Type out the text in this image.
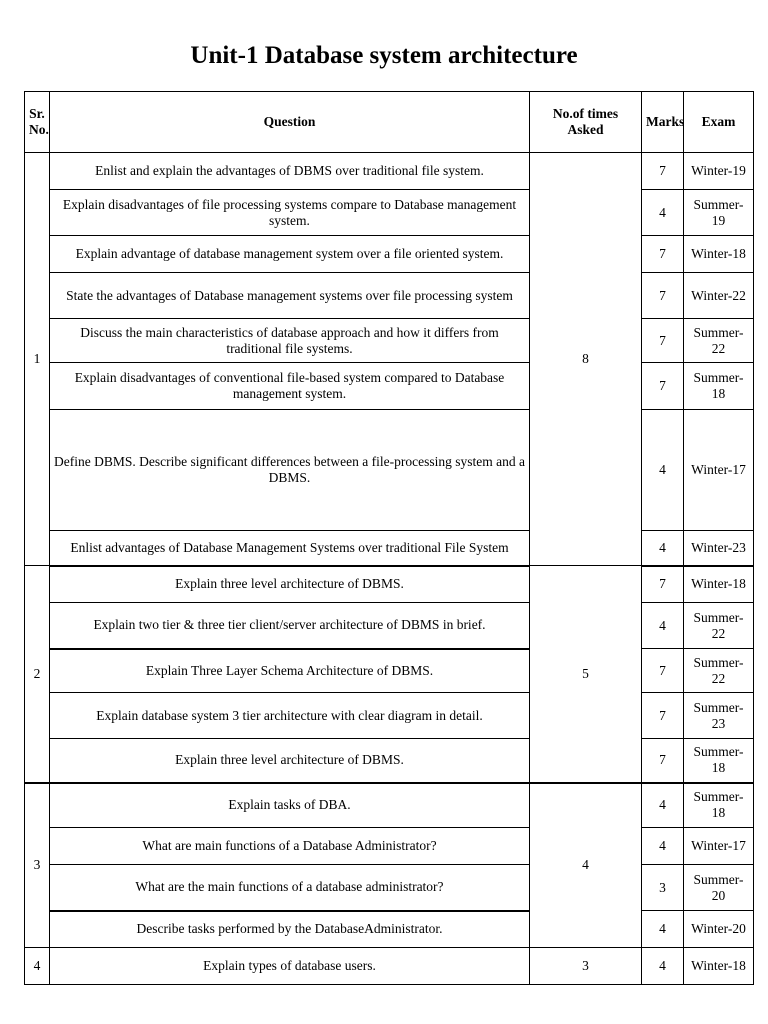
Unit-1 Database system architecture
Sr. No.	Question	No.of times Asked	Marks	Exam
1	Enlist and explain the advantages of DBMS over traditional file system.	8	7	Winter-19
	Explain disadvantages of file processing systems compare to Database management system.		4	Summer-19
	Explain advantage of database management system over a file oriented system.		7	Winter-18
	State the advantages of Database management systems over file processing system		7	Winter-22
	Discuss the main characteristics of database approach and how it differs from traditional file systems.		7	Summer-22
	Explain disadvantages of conventional file-based system compared to Database management system.		7	Summer-18
	Define DBMS. Describe significant differences between a file-processing system and a DBMS.		4	Winter-17
	Enlist advantages of Database Management Systems over traditional File System		4	Winter-23
2	Explain three level architecture of DBMS.	5	7	Winter-18
	Explain two tier & three tier client/server architecture of DBMS in brief.		4	Summer-22
	Explain Three Layer Schema Architecture of DBMS.		7	Summer-22
	Explain database system 3 tier architecture with clear diagram in detail.		7	Summer-23
	Explain three level architecture of DBMS.		7	Summer-18
3	Explain tasks of DBA.	4	4	Summer-18
	What are main functions of a Database Administrator?		4	Winter-17
	What are the main functions of a database administrator?		3	Summer-20
	Describe tasks performed by the DatabaseAdministrator.		4	Winter-20
4	Explain types of database users.	3	4	Winter-18
